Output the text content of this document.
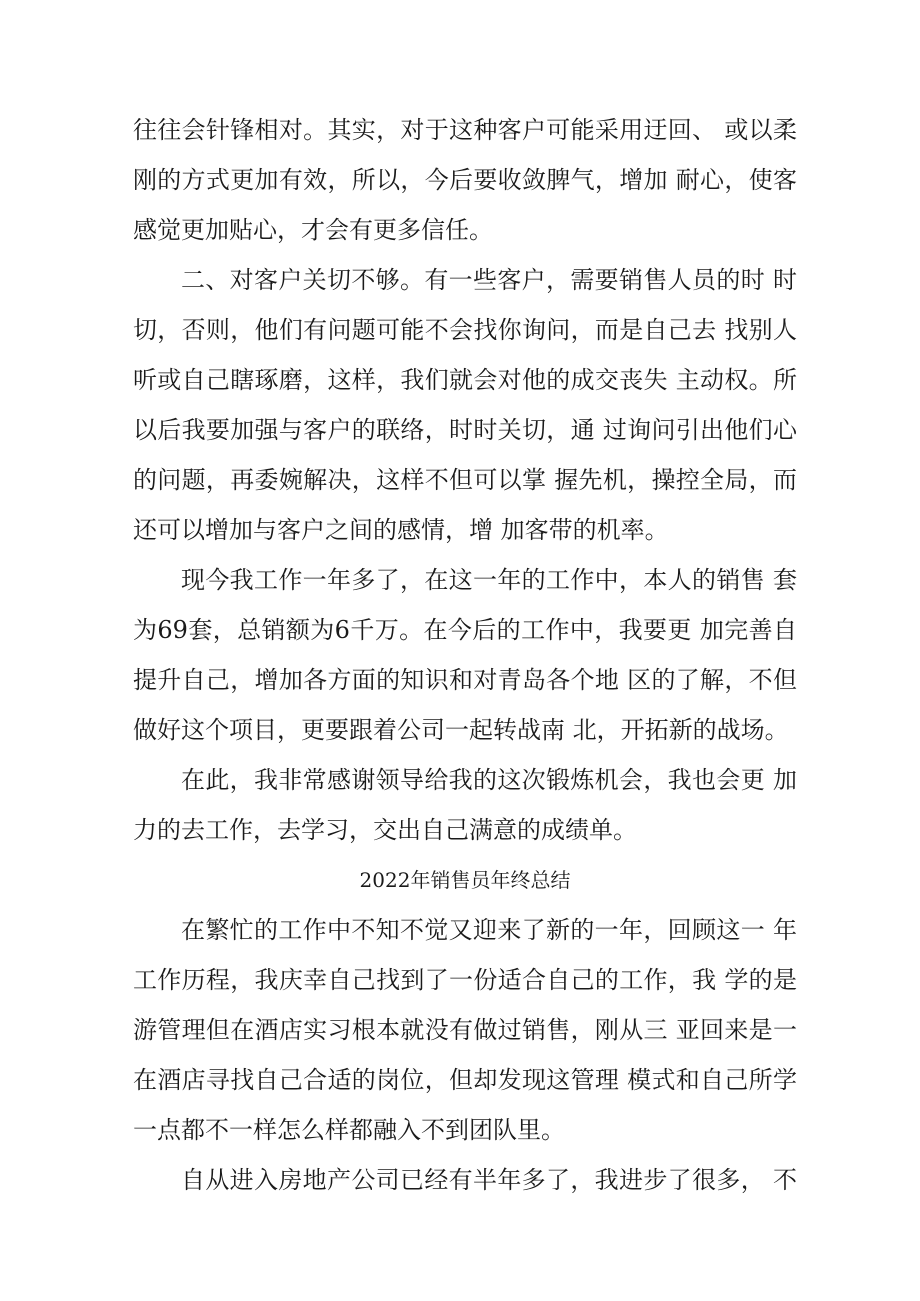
往往会针锋相对。其实，对于这种客户可能采用迂回、 或以柔
刚的方式更加有效，所以，今后要收敛脾气，增加 耐心，使客
感觉更加贴心，才会有更多信任。
二、对客户关切不够。有一些客户，需要销售人员的时 时
切，否则，他们有问题可能不会找你询问，而是自己去 找别人
听或自己瞎琢磨，这样，我们就会对他的成交丧失 主动权。所
以后我要加强与客户的联络，时时关切，通 过询问引出他们心
的问题，再委婉解决，这样不但可以掌 握先机，操控全局，而
还可以增加与客户之间的感情，增 加客带的机率。
现今我工作一年多了，在这一年的工作中，本人的销售 套
为69套，总销额为6千万。在今后的工作中，我要更 加完善自
提升自己，增加各方面的知识和对青岛各个地 区的了解，不但
做好这个项目，更要跟着公司一起转战南 北，开拓新的战场。
在此，我非常感谢领导给我的这次锻炼机会，我也会更 加
力的去工作，去学习，交出自己满意的成绩单。
2022年销售员年终总结
在繁忙的工作中不知不觉又迎来了新的一年，回顾这一 年
工作历程，我庆幸自己找到了一份适合自己的工作，我 学的是
游管理但在酒店实习根本就没有做过销售，刚从三 亚回来是一
在酒店寻找自己合适的岗位，但却发现这管理 模式和自己所学
一点都不一样怎么样都融入不到团队里。
自从进入房地产公司已经有半年多了，我进步了很多， 不
